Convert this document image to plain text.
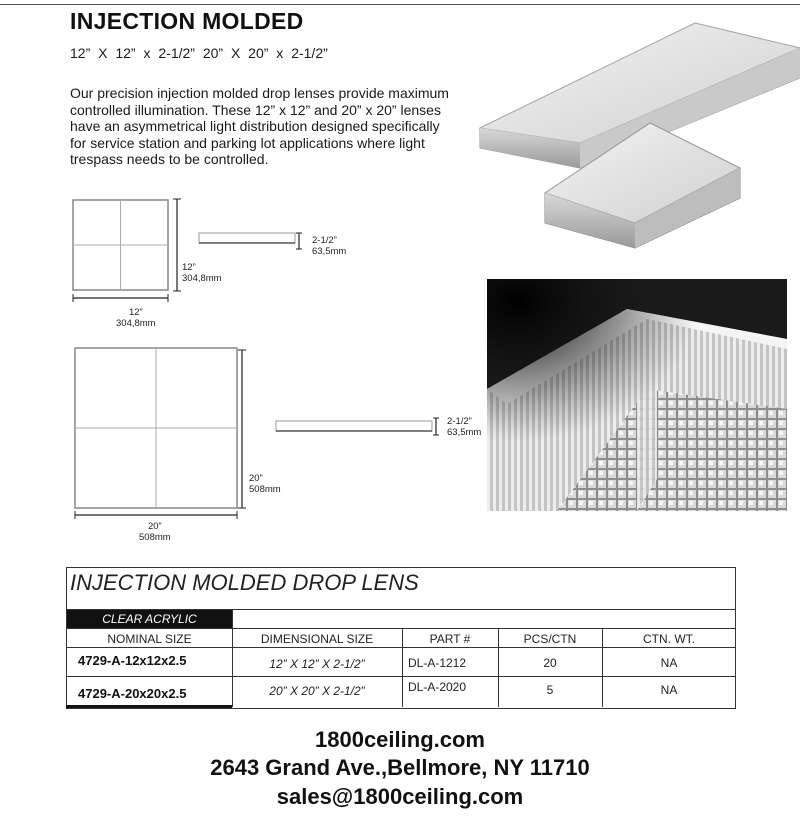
INJECTION MOLDED
12” X 12” x 2-1/2” 20” X 20” x 2-1/2”
Our precision injection molded drop lenses provide maximum controlled illumination. These 12” x 12” and 20” x 20” lenses have an asymmetrical light distribution designed specifically for service station and parking lot applications where light trespass needs to be controlled.
12”
304,8mm
2-1/2”
63,5mm
12”
304,8mm
20”
508mm
2-1/2”
63,5mm
20”
508mm
INJECTION MOLDED DROP LENS
CLEAR ACRYLIC
NOMINAL SIZE	DIMENSIONAL SIZE	PART #	PCS/CTN	CTN. WT.
4729-A-12x12x2.5	12” X 12” X 2-1/2”	DL-A-1212	20	NA
4729-A-20x20x2.5	20” X 20” X 2-1/2”	DL-A-2020	5	NA
1800ceiling.com
2643 Grand Ave.,Bellmore, NY 11710
sales@1800ceiling.com
